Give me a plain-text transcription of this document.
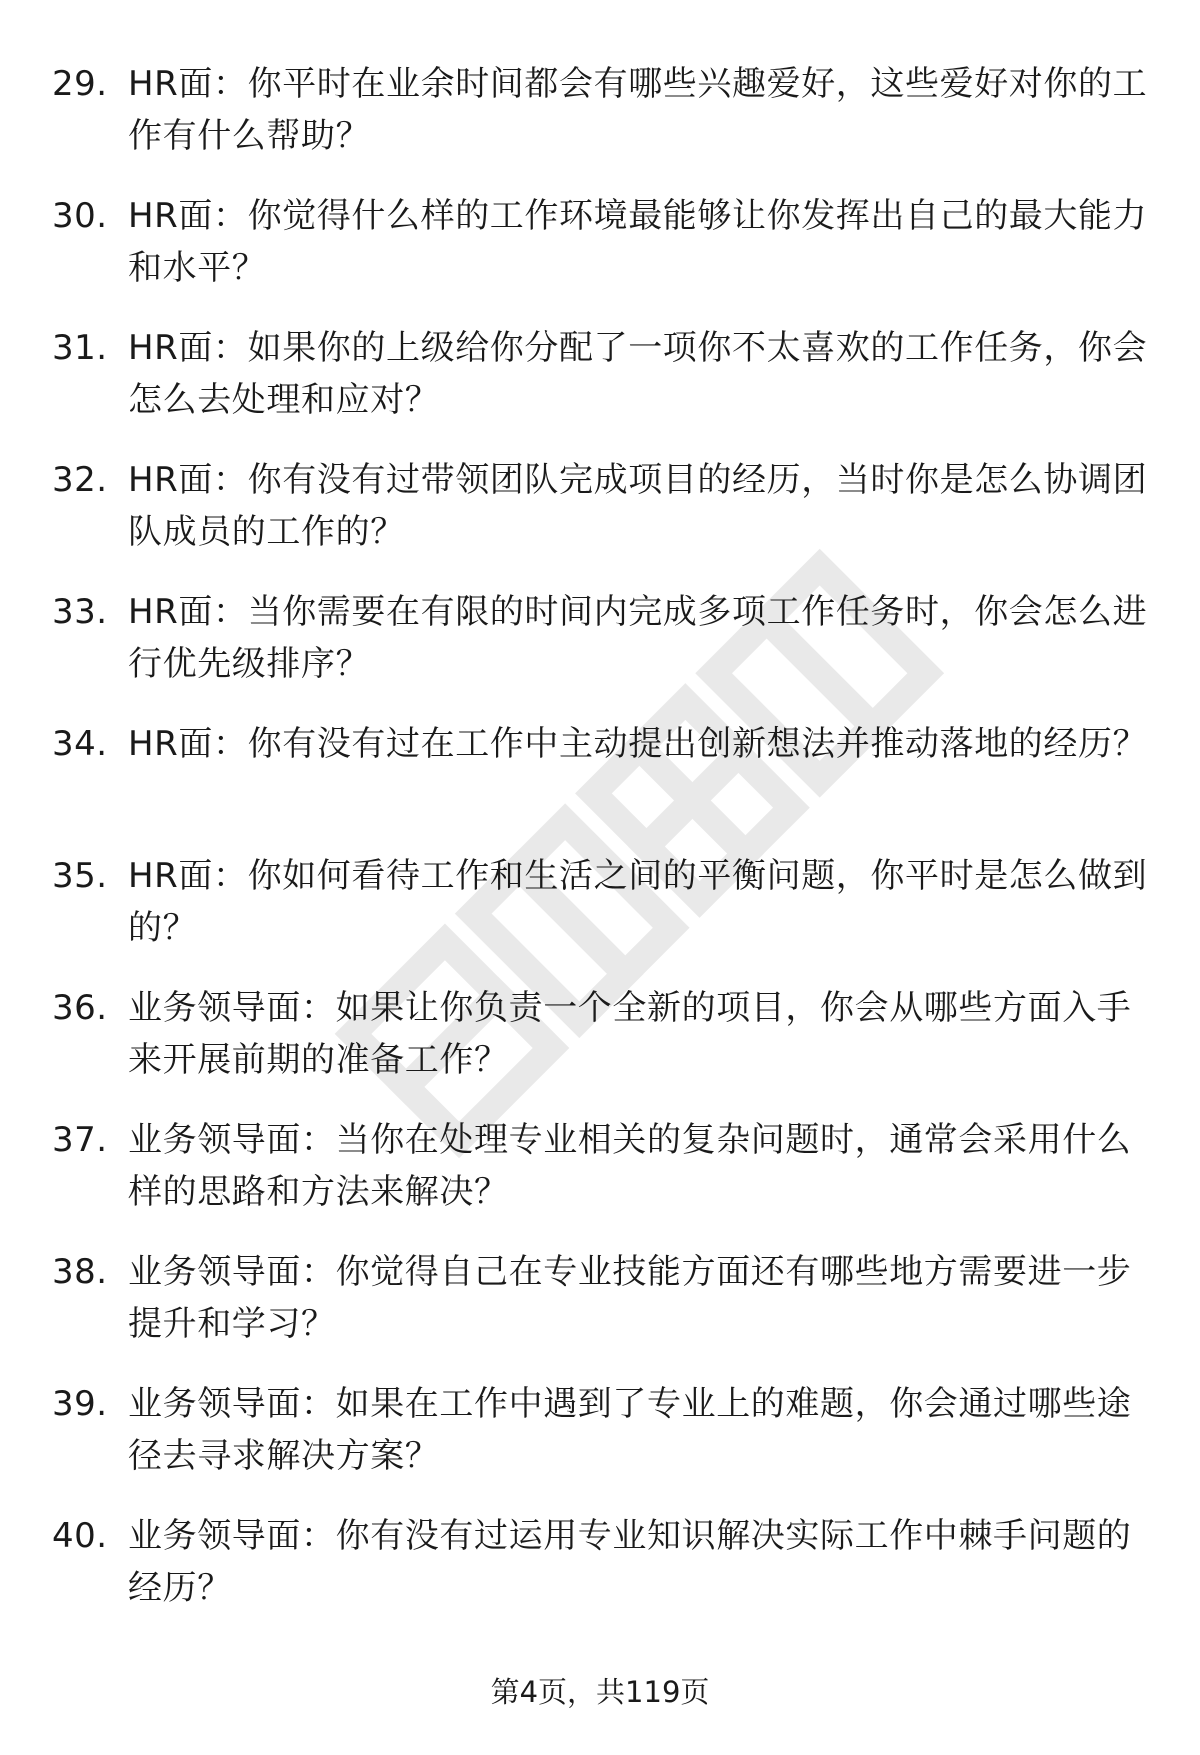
29. HR面：你平时在业余时间都会有哪些兴趣爱好，这些爱好对你的工作有什么帮助？
30. HR面：你觉得什么样的工作环境最能够让你发挥出自己的最大能力和水平？
31. HR面：如果你的上级给你分配了一项你不太喜欢的工作任务，你会怎么去处理和应对？
32. HR面：你有没有过带领团队完成项目的经历，当时你是怎么协调团队成员的工作的？
33. HR面：当你需要在有限的时间内完成多项工作任务时，你会怎么进行优先级排序？
34. HR面：你有没有过在工作中主动提出创新想法并推动落地的经历？
35. HR面：你如何看待工作和生活之间的平衡问题，你平时是怎么做到的？
36. 业务领导面：如果让你负责一个全新的项目，你会从哪些方面入手来开展前期的准备工作？
37. 业务领导面：当你在处理专业相关的复杂问题时，通常会采用什么样的思路和方法来解决？
38. 业务领导面：你觉得自己在专业技能方面还有哪些地方需要进一步提升和学习？
39. 业务领导面：如果在工作中遇到了专业上的难题，你会通过哪些途径去寻求解决方案？
40. 业务领导面：你有没有过运用专业知识解决实际工作中棘手问题的经历？
第4页，共119页
